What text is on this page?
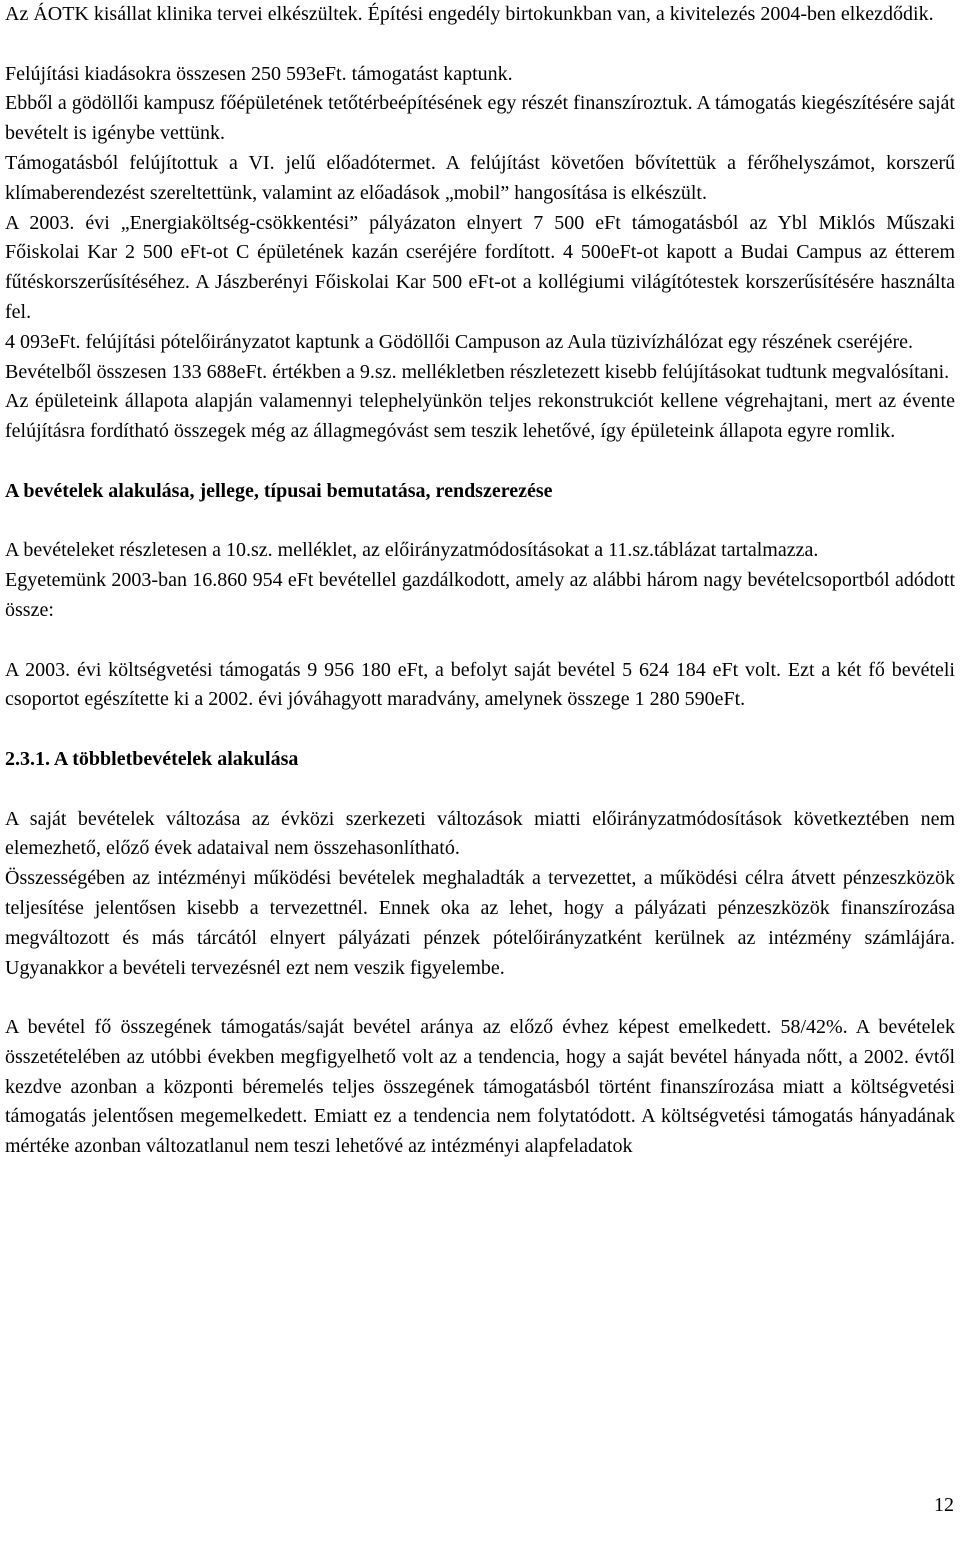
Az ÁOTK kisállat klinika tervei elkészültek. Építési engedély birtokunkban van, a kivitelezés 2004-ben elkezdődik.

Felújítási kiadásokra összesen 250 593eFt. támogatást kaptunk.

Ebből a gödöllői kampusz főépületének tetőtérbeépítésének egy részét finanszíroztuk. A támogatás kiegészítésére saját bevételt is igénybe vettünk.

Támogatásból felújítottuk a VI. jelű előadótermet. A felújítást követően bővítettük a férőhelyszámot, korszerű klímaberendezést szereltettünk, valamint az előadások „mobil” hangosítása is elkészült.

A 2003. évi „Energiaköltség-csökkentési” pályázaton elnyert 7 500 eFt támogatásból az Ybl Miklós Műszaki Főiskolai Kar 2 500 eFt-ot C épületének kazán cseréjére fordított. 4 500eFt-ot kapott a Budai Campus az étterem fűtéskorszerűsítéséhez. A Jászberényi Főiskolai Kar 500 eFt-ot a kollégiumi világítótestek korszerűsítésére használta fel.

4 093eFt. felújítási pótelőirányzatot kaptunk a Gödöllői Campuson az Aula tüzivízhálózat egy részének cseréjére.

Bevételből összesen 133 688eFt. értékben a 9.sz. mellékletben részletezett kisebb felújításokat tudtunk megvalósítani.

Az épületeink állapota alapján valamennyi telephelyünkön teljes rekonstrukciót kellene végrehajtani, mert az évente felújításra fordítható összegek még az állagmegóvást sem teszik lehetővé, így épületeink állapota egyre romlik.

A bevételek alakulása, jellege, típusai bemutatása, rendszerezése

A bevételeket részletesen a 10.sz. melléklet, az előirányzatmódosításokat a 11.sz.táblázat tartalmazza.

Egyetemünk 2003-ban 16.860 954 eFt bevétellel gazdálkodott, amely az alábbi három nagy bevételcsoportból adódott össze:

A 2003. évi költségvetési támogatás 9 956 180 eFt, a befolyt saját bevétel 5 624 184 eFt volt. Ezt a két fő bevételi csoportot egészítette ki a 2002. évi jóváhagyott maradvány, amelynek összege 1 280 590eFt.

2.3.1. A többletbevételek alakulása

A saját bevételek változása az évközi szerkezeti változások miatti előirányzatmódosítások következtében nem elemezhető, előző évek adataival nem összehasonlítható.

Összességében az intézményi működési bevételek meghaladták a tervezettet, a működési célra átvett pénzeszközök teljesítése jelentősen kisebb a tervezettnél. Ennek oka az lehet, hogy a pályázati pénzeszközök finanszírozása megváltozott és más tárcától elnyert pályázati pénzek pótelőirányzatként kerülnek az intézmény számlájára. Ugyanakkor a bevételi tervezésnél ezt nem veszik figyelembe.

A bevétel fő összegének támogatás/saját bevétel aránya az előző évhez képest emelkedett. 58/42%. A bevételek összetételében az utóbbi években megfigyelhető volt az a tendencia, hogy a saját bevétel hányada nőtt, a 2002. évtől kezdve azonban a központi béremelés teljes összegének támogatásból történt finanszírozása miatt a költségvetési támogatás jelentősen megemelkedett. Emiatt ez a tendencia nem folytatódott. A költségvetési támogatás hányadának mértéke azonban változatlanul nem teszi lehetővé az intézményi alapfeladatok

12
